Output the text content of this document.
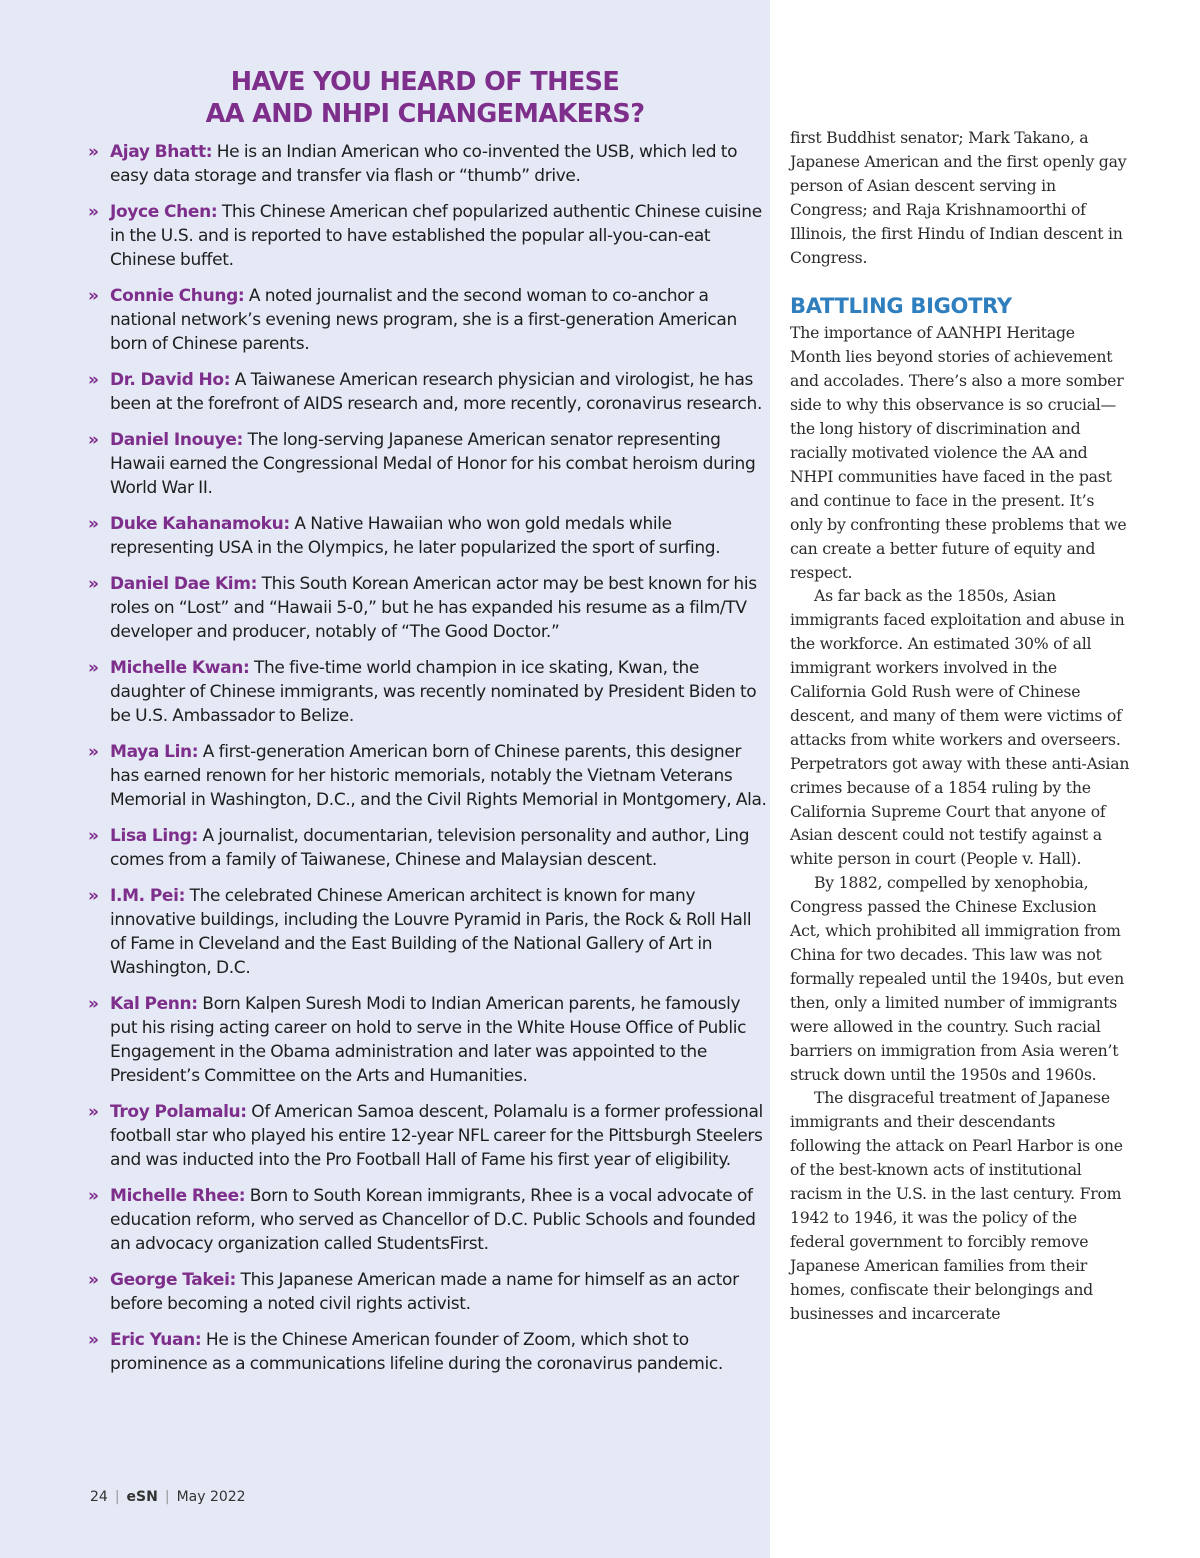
HAVE YOU HEARD OF THESE
AA AND NHPI CHANGEMAKERS?
» Ajay Bhatt: He is an Indian American who co-invented the USB, which led to easy data storage and transfer via flash or “thumb” drive.
» Joyce Chen: This Chinese American chef popularized authentic Chinese cuisine in the U.S. and is reported to have established the popular all-you-can-eat Chinese buffet.
» Connie Chung: A noted journalist and the second woman to co-anchor a national network’s evening news program, she is a first-generation American born of Chinese parents.
» Dr. David Ho: A Taiwanese American research physician and virologist, he has been at the forefront of AIDS research and, more recently, coronavirus research.
» Daniel Inouye: The long-serving Japanese American senator representing Hawaii earned the Congressional Medal of Honor for his combat heroism during World War II.
» Duke Kahanamoku: A Native Hawaiian who won gold medals while representing USA in the Olympics, he later popularized the sport of surfing.
» Daniel Dae Kim: This South Korean American actor may be best known for his roles on “Lost” and “Hawaii 5-0,” but he has expanded his resume as a film/TV developer and producer, notably of “The Good Doctor.”
» Michelle Kwan: The five-time world champion in ice skating, Kwan, the daughter of Chinese immigrants, was recently nominated by President Biden to be U.S. Ambassador to Belize.
» Maya Lin: A first-generation American born of Chinese parents, this designer has earned renown for her historic memorials, notably the Vietnam Veterans Memorial in Washington, D.C., and the Civil Rights Memorial in Montgomery, Ala.
» Lisa Ling: A journalist, documentarian, television personality and author, Ling comes from a family of Taiwanese, Chinese and Malaysian descent.
» I.M. Pei: The celebrated Chinese American architect is known for many innovative buildings, including the Louvre Pyramid in Paris, the Rock & Roll Hall of Fame in Cleveland and the East Building of the National Gallery of Art in Washington, D.C.
» Kal Penn: Born Kalpen Suresh Modi to Indian American parents, he famously put his rising acting career on hold to serve in the White House Office of Public Engagement in the Obama administration and later was appointed to the President’s Committee on the Arts and Humanities.
» Troy Polamalu: Of American Samoa descent, Polamalu is a former professional football star who played his entire 12-year NFL career for the Pittsburgh Steelers and was inducted into the Pro Football Hall of Fame his first year of eligibility.
» Michelle Rhee: Born to South Korean immigrants, Rhee is a vocal advocate of education reform, who served as Chancellor of D.C. Public Schools and founded an advocacy organization called StudentsFirst.
» George Takei: This Japanese American made a name for himself as an actor before becoming a noted civil rights activist.
» Eric Yuan: He is the Chinese American founder of Zoom, which shot to prominence as a communications lifeline during the coronavirus pandemic.
24 | eSN | May 2022

first Buddhist senator; Mark Takano, a Japanese American and the first openly gay person of Asian descent serving in Congress; and Raja Krishnamoorthi of Illinois, the first Hindu of Indian descent in Congress.

BATTLING BIGOTRY

The importance of AANHPI Heritage Month lies beyond stories of achievement and accolades. There’s also a more somber side to why this observance is so crucial—the long history of discrimination and racially motivated violence the AA and NHPI communities have faced in the past and continue to face in the present. It’s only by confronting these problems that we can create a better future of equity and respect.

As far back as the 1850s, Asian immigrants faced exploitation and abuse in the workforce. An estimated 30% of all immigrant workers involved in the California Gold Rush were of Chinese descent, and many of them were victims of attacks from white workers and overseers. Perpetrators got away with these anti-Asian crimes because of a 1854 ruling by the California Supreme Court that anyone of Asian descent could not testify against a white person in court (People v. Hall).

By 1882, compelled by xenophobia, Congress passed the Chinese Exclusion Act, which prohibited all immigration from China for two decades. This law was not formally repealed until the 1940s, but even then, only a limited number of immigrants were allowed in the country. Such racial barriers on immigration from Asia weren’t struck down until the 1950s and 1960s.

The disgraceful treatment of Japanese immigrants and their descendants following the attack on Pearl Harbor is one of the best-known acts of institutional racism in the U.S. in the last century. From 1942 to 1946, it was the policy of the federal government to forcibly remove Japanese American families from their homes, confiscate their belongings and businesses and incarcerate
